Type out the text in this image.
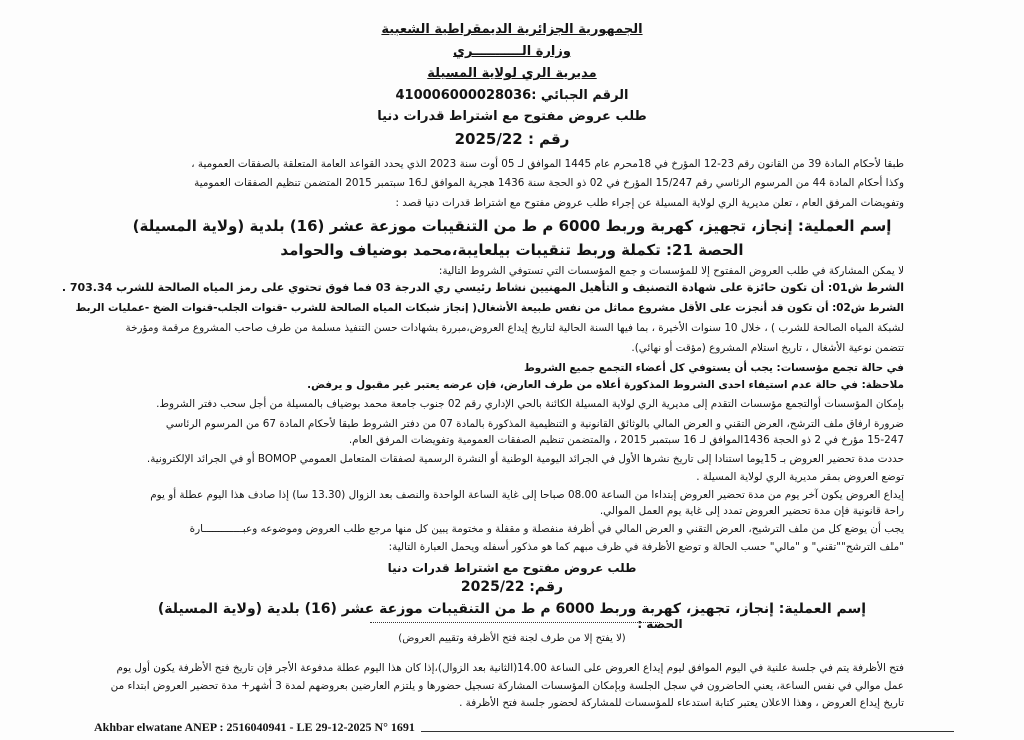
الجمهورية الجزائرية الديمقراطية الشعبية
وزارة الـــــــــــري
مديرية الري لولاية المسيلة
الرقم الجبائي :410006000028036
طلب عروض مفتوح مع اشتراط قدرات دنيا
رقم : 2025/22
طبقا لأحكام المادة 39 من القانون رقم 23-12 المؤرخ في 18محرم عام 1445 الموافق لـ 05 أوت سنة 2023 الذي يحدد القواعد العامة المتعلقة بالصفقات العمومية ،
وكذا أحكام المادة 44 من المرسوم الرئاسي رقم 15/247 المؤرخ في 02 ذو الحجة سنة 1436 هجرية الموافق لـ16 سبتمبر 2015 المتضمن تنظيم الصفقات العمومية
وتفويضات المرفق العام ، تعلن مديرية الري لولاية المسيلة عن إجراء طلب عروض مفتوح مع اشتراط قدرات دنيا قصد :
إسم العملية: إنجاز، تجهيز، كهربة وربط 6000 م ط من التنقيبات موزعة عشر (16) بلدية (ولاية المسيلة)
الحصة 21: تكملة وربط تنقيبات بيلعايبة،محمد بوضياف والحوامد
لا يمكن المشاركة في طلب العروض المفتوح إلا للمؤسسات و جمع المؤسسات التي تستوفي الشروط التالية:
الشرط ش01: أن تكون حائزة على شهادة التصنيف و التأهيل المهنيين نشاط رئيسي ري الدرجة 03 فما فوق تحتوي على رمز المياه الصالحة للشرب 703.34 .
الشرط ش02: أن تكون قد أنجزت على الأقل مشروع مماثل من نفس طبيعة الأشغال( إنجاز شبكات المياه الصالحة للشرب -قنوات الجلب-قنوات الضخ -عمليات الربط
لشبكة المياه الصالحة للشرب ) ، خلال 10 سنوات الأخيرة ، بما فيها السنة الحالية لتاريخ إيداع العروض،مبررة بشهادات حسن التنفيذ مسلمة من طرف صاحب المشروع مرقمة ومؤرخة
تتضمن نوعية الأشغال ، تاريخ استلام المشروع (مؤقت أو نهائي).
في حالة تجمع مؤسسات: يجب أن يستوفي كل أعضاء التجمع جميع الشروط
ملاحظة: في حالة عدم استيفاء احدى الشروط المذكورة أعلاه من طرف العارض، فإن عرضه يعتبر غير مقبول و يرفض.
بإمكان المؤسسات أوالتجمع مؤسسات التقدم إلى مديرية الري لولاية المسيلة الكائنة بالحي الإداري رقم 02 جنوب جامعة محمد بوضياف بالمسيلة من أجل سحب دفتر الشروط.
ضرورة ارفاق ملف الترشح، العرض التقني و العرض المالي بالوثائق القانونية و التنظيمية المذكورة بالمادة 07 من دفتر الشروط طبقا لأحكام المادة 67 من المرسوم الرئاسي
15-247 مؤرخ في 2 ذو الحجة 1436الموافق لـ 16 سبتمبر 2015 ، والمتضمن تنظيم الصفقات العمومية وتفويضات المرفق العام.
حددت مدة تحضير العروض بـ 15يوما استنادا إلى تاريخ نشرها الأول في الجرائد اليومية الوطنية أو النشرة الرسمية لصفقات المتعامل العمومي BOMOP أو في الجرائد الإلكترونية.
توضع العروض بمقر مديرية الري لولاية المسيلة .
إيداع العروض يكون آخر يوم من مدة تحضير العروض إبتداءا من الساعة 08.00 صباحا إلى غاية الساعة الواحدة والنصف بعد الزوال (13.30 سا) إذا صادف هذا اليوم عطلة أو يوم
راحة قانونية فإن مدة تحضير العروض تمدد إلى غاية يوم العمل الموالي.
يجب أن يوضع كل من ملف الترشيح، العرض التقني و العرض المالي في أظرفة منفصلة و مقفلة و مختومة يبين كل منها مرجع طلب العروض وموضوعه وعبـــــــــــــارة
"ملف الترشح""تقني" و "مالي" حسب الحالة و توضع الأظرفة في ظرف مبهم كما هو مذكور أسفله ويحمل العبارة التالية:
طلب عروض مفتوح مع اشتراط قدرات دنيا
رقم: 2025/22
إسم العملية: إنجاز، تجهيز، كهربة وربط 6000 م ط من التنقيبات موزعة عشر (16) بلدية (ولاية المسيلة)
الحصة :
(لا يفتح إلا من طرف لجنة فتح الأظرفة وتقييم العروض)
فتح الأظرفة يتم في جلسة علنية في اليوم الموافق ليوم إيداع العروض على الساعة 14.00(الثانية بعد الزوال)،إذا كان هذا اليوم عطلة مدفوعة الأجر فإن تاريخ فتح الأظرفة يكون أول يوم
عمل موالي في نفس الساعة، يعني الحاضرون في سجل الجلسة وبإمكان المؤسسات المشاركة تسجيل حضورها و يلتزم العارضين بعروضهم لمدة 3 أشهر+ مدة تحضير العروض ابتداء من
تاريخ إيداع العروض ، وهذا الاعلان يعتبر كتابة استدعاء للمؤسسات للمشاركة لحضور جلسة فتح الأظرفة .
Akhbar elwatane ANEP : 2516040941 - LE 29-12-2025 N° 1691
